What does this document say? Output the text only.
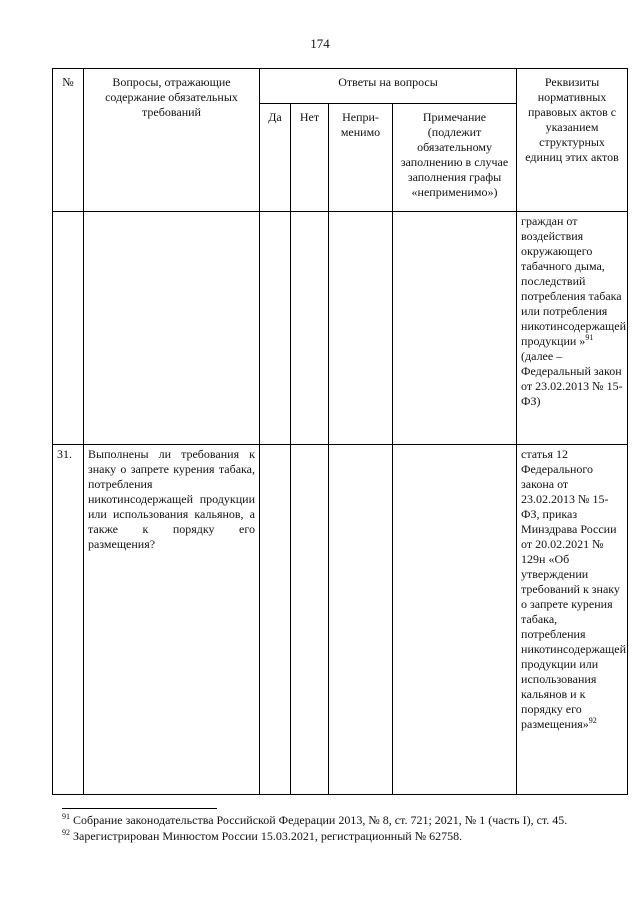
174
№	Вопросы, отражающие содержание обязательных требований	Ответы на вопросы				Реквизиты нормативных правовых актов с указанием структурных единиц этих актов
		Да	Нет	Непри-менимо	Примечание (подлежит обязательному заполнению в случае заполнения графы «неприменимо»)	
						граждан от воздействия окружающего табачного дыма, последствий потребления табака или потребления никотинсодержащей продукции »$^{91}$ (далее – Федеральный закон от 23.02.2013 № 15-ФЗ)
31.	Выполнены ли требования к знаку о запрете курения табака, потребления никотинсодержащей продукции или использования кальянов, а также к порядку его размещения?					статья 12 Федерального закона от 23.02.2013 № 15-ФЗ, приказ Минздрава России от 20.02.2021 № 129н «Об утверждении требований к знаку о запрете курения табака, потребления никотинсодержащей продукции или использования кальянов и к порядку его размещения»$^{92}$

$^{91}$ Собрание законодательства Российской Федерации 2013, № 8, ст. 721; 2021, № 1 (часть I), ст. 45.

$^{92}$ Зарегистрирован Минюстом России 15.03.2021, регистрационный № 62758.
